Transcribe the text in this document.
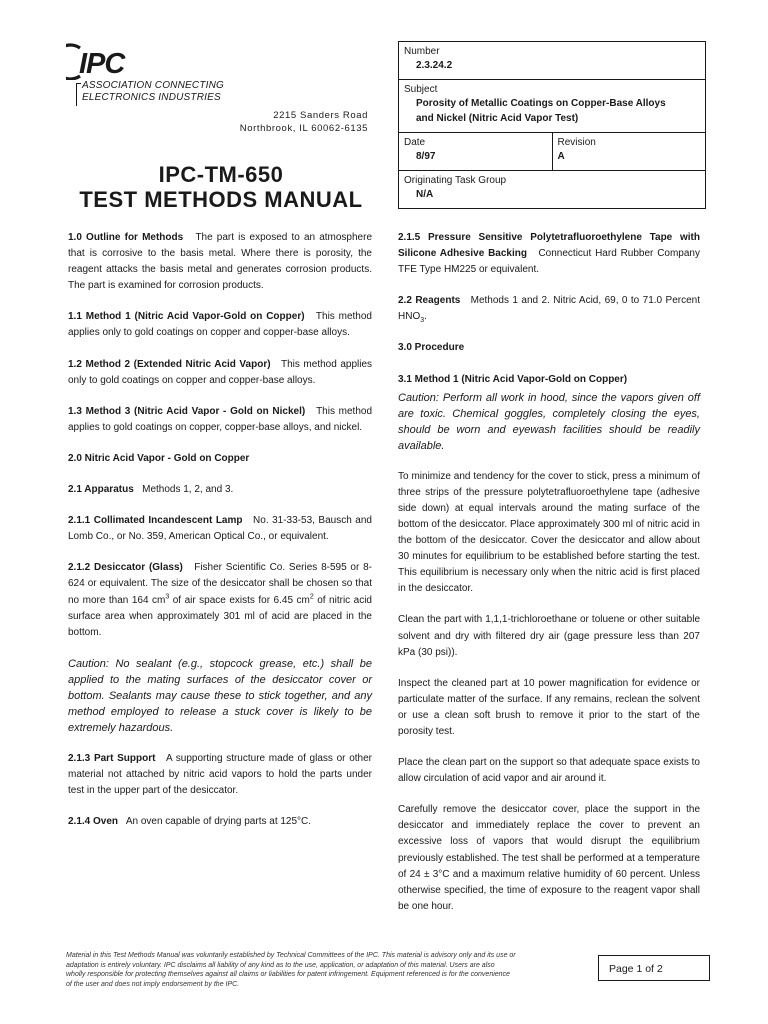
IPC
ASSOCIATION CONNECTING
ELECTRONICS INDUSTRIES
2215 Sanders Road
Northbrook, IL 60062-6135
IPC-TM-650
TEST METHODS MANUAL
Number
2.3.24.2
Subject
Porosity of Metallic Coatings on Copper-Base Alloys and Nickel (Nitric Acid Vapor Test)
Date
8/97
Revision
A
Originating Task Group
N/A

1.0 Outline for Methods The part is exposed to an atmosphere that is corrosive to the basis metal. Where there is porosity, the reagent attacks the basis metal and generates corrosion products. The part is examined for corrosion products.

1.1 Method 1 (Nitric Acid Vapor-Gold on Copper) This method applies only to gold coatings on copper and copper-base alloys.

1.2 Method 2 (Extended Nitric Acid Vapor) This method applies only to gold coatings on copper and copper-base alloys.

1.3 Method 3 (Nitric Acid Vapor - Gold on Nickel) This method applies to gold coatings on copper, copper-base alloys, and nickel.

2.0 Nitric Acid Vapor - Gold on Copper

2.1 Apparatus Methods 1, 2, and 3.

2.1.1 Collimated Incandescent Lamp No. 31-33-53, Bausch and Lomb Co., or No. 359, American Optical Co., or equivalent.

2.1.2 Desiccator (Glass) Fisher Scientific Co. Series 8-595 or 8-624 or equivalent. The size of the desiccator shall be chosen so that no more than 164 $cm^3$ of air space exists for 6.45 $cm^2$ of nitric acid surface area when approximately 301 ml of acid are placed in the bottom.

Caution: No sealant (e.g., stopcock grease, etc.) shall be applied to the mating surfaces of the desiccator cover or bottom. Sealants may cause these to stick together, and any method employed to release a stuck cover is likely to be extremely hazardous.

2.1.3 Part Support A supporting structure made of glass or other material not attached by nitric acid vapors to hold the parts under test in the upper part of the desiccator.

2.1.4 Oven An oven capable of drying parts at 125°C.

2.1.5 Pressure Sensitive Polytetrafluoroethylene Tape with Silicone Adhesive Backing Connecticut Hard Rubber Company TFE Type HM225 or equivalent.

2.2 Reagents Methods 1 and 2. Nitric Acid, 69, 0 to 71.0 Percent $HNO_3$.

3.0 Procedure

3.1 Method 1 (Nitric Acid Vapor-Gold on Copper)

Caution: Perform all work in hood, since the vapors given off are toxic. Chemical goggles, completely closing the eyes, should be worn and eyewash facilities should be readily available.

To minimize and tendency for the cover to stick, press a minimum of three strips of the pressure polytetrafluoroethylene tape (adhesive side down) at equal intervals around the mating surface of the bottom of the desiccator. Place approximately 300 ml of nitric acid in the bottom of the desiccator. Cover the desiccator and allow about 30 minutes for equilibrium to be established before starting the test. This equilibrium is necessary only when the nitric acid is first placed in the desiccator.

Clean the part with 1,1,1-trichloroethane or toluene or other suitable solvent and dry with filtered dry air (gage pressure less than 207 kPa (30 psi)).

Inspect the cleaned part at 10 power magnification for evidence or particulate matter of the surface. If any remains, reclean the solvent or use a clean soft brush to remove it prior to the start of the porosity test.

Place the clean part on the support so that adequate space exists to allow circulation of acid vapor and air around it.

Carefully remove the desiccator cover, place the support in the desiccator and immediately replace the cover to prevent an excessive loss of vapors that would disrupt the equilibrium previously established. The test shall be performed at a temperature of 24 ± 3°C and a maximum relative humidity of 60 percent. Unless otherwise specified, the time of exposure to the reagent vapor shall be one hour.

Material in this Test Methods Manual was voluntarily established by Technical Committees of the IPC. This material is advisory only and its use or adaptation is entirely voluntary. IPC disclaims all liability of any kind as to the use, application, or adaptation of this material. Users are also wholly responsible for protecting themselves against all claims or liabilities for patent infringement. Equipment referenced is for the convenience of the user and does not imply endorsement by the IPC.
Page 1 of 2
